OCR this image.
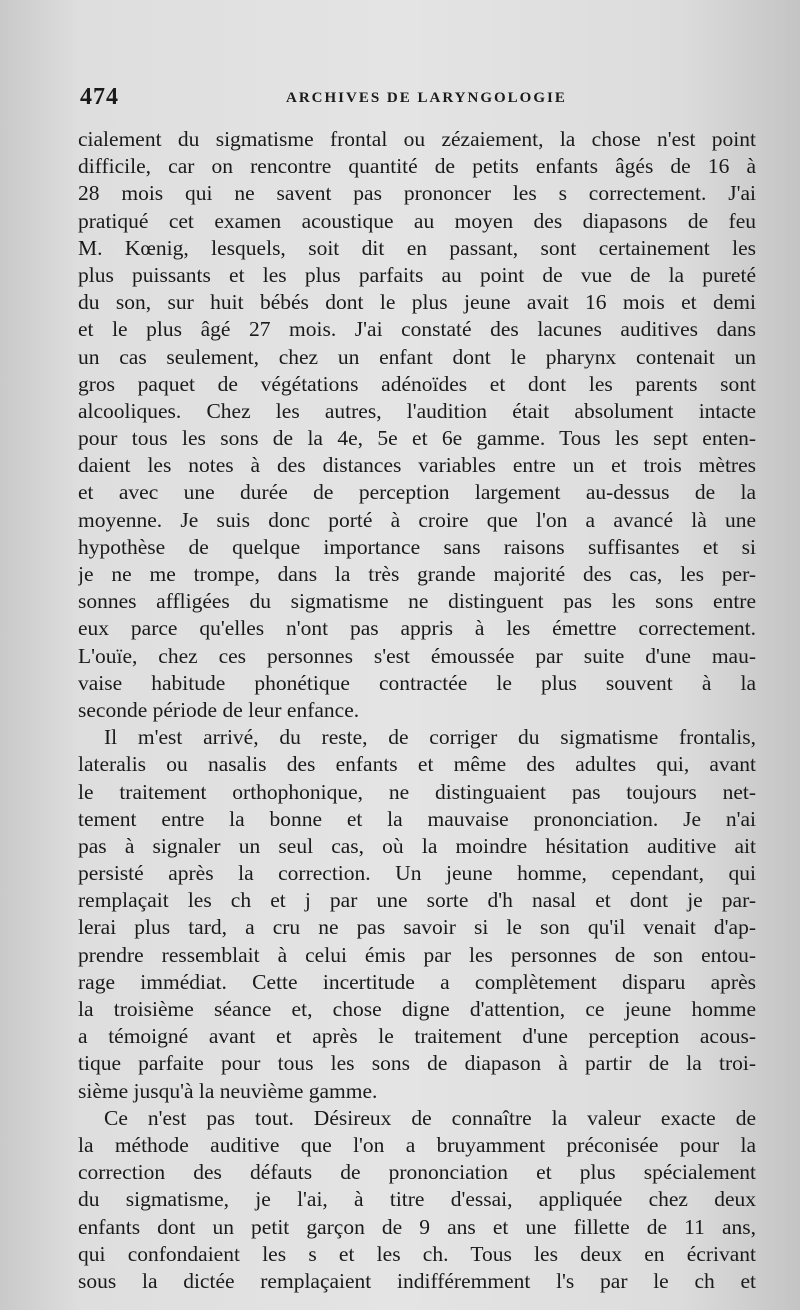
474	ARCHIVES DE LARYNGOLOGIE
cialement du sigmatisme frontal ou zézaiement, la chose n'est point
difficile, car on rencontre quantité de petits enfants âgés de 16 à
28 mois qui ne savent pas prononcer les s correctement. J'ai
pratiqué cet examen acoustique au moyen des diapasons de feu
M. Kœnig, lesquels, soit dit en passant, sont certainement les
plus puissants et les plus parfaits au point de vue de la pureté
du son, sur huit bébés dont le plus jeune avait 16 mois et demi
et le plus âgé 27 mois. J'ai constaté des lacunes auditives dans
un cas seulement, chez un enfant dont le pharynx contenait un
gros paquet de végétations adénoïdes et dont les parents sont
alcooliques. Chez les autres, l'audition était absolument intacte
pour tous les sons de la 4e, 5e et 6e gamme. Tous les sept enten-
daient les notes à des distances variables entre un et trois mètres
et avec une durée de perception largement au-dessus de la
moyenne. Je suis donc porté à croire que l'on a avancé là une
hypothèse de quelque importance sans raisons suffisantes et si
je ne me trompe, dans la très grande majorité des cas, les per-
sonnes affligées du sigmatisme ne distinguent pas les sons entre
eux parce qu'elles n'ont pas appris à les émettre correctement.
L'ouïe, chez ces personnes s'est émoussée par suite d'une mau-
vaise habitude phonétique contractée le plus souvent à la
seconde période de leur enfance.
Il m'est arrivé, du reste, de corriger du sigmatisme frontalis,
lateralis ou nasalis des enfants et même des adultes qui, avant
le traitement orthophonique, ne distinguaient pas toujours net-
tement entre la bonne et la mauvaise prononciation. Je n'ai
pas à signaler un seul cas, où la moindre hésitation auditive ait
persisté après la correction. Un jeune homme, cependant, qui
remplaçait les ch et j par une sorte d'h nasal et dont je par-
lerai plus tard, a cru ne pas savoir si le son qu'il venait d'ap-
prendre ressemblait à celui émis par les personnes de son entou-
rage immédiat. Cette incertitude a complètement disparu après
la troisième séance et, chose digne d'attention, ce jeune homme
a témoigné avant et après le traitement d'une perception acous-
tique parfaite pour tous les sons de diapason à partir de la troi-
sième jusqu'à la neuvième gamme.
Ce n'est pas tout. Désireux de connaître la valeur exacte de
la méthode auditive que l'on a bruyamment préconisée pour la
correction des défauts de prononciation et plus spécialement
du sigmatisme, je l'ai, à titre d'essai, appliquée chez deux
enfants dont un petit garçon de 9 ans et une fillette de 11 ans,
qui confondaient les s et les ch. Tous les deux en écrivant
sous la dictée remplaçaient indifféremment l's par le ch et
